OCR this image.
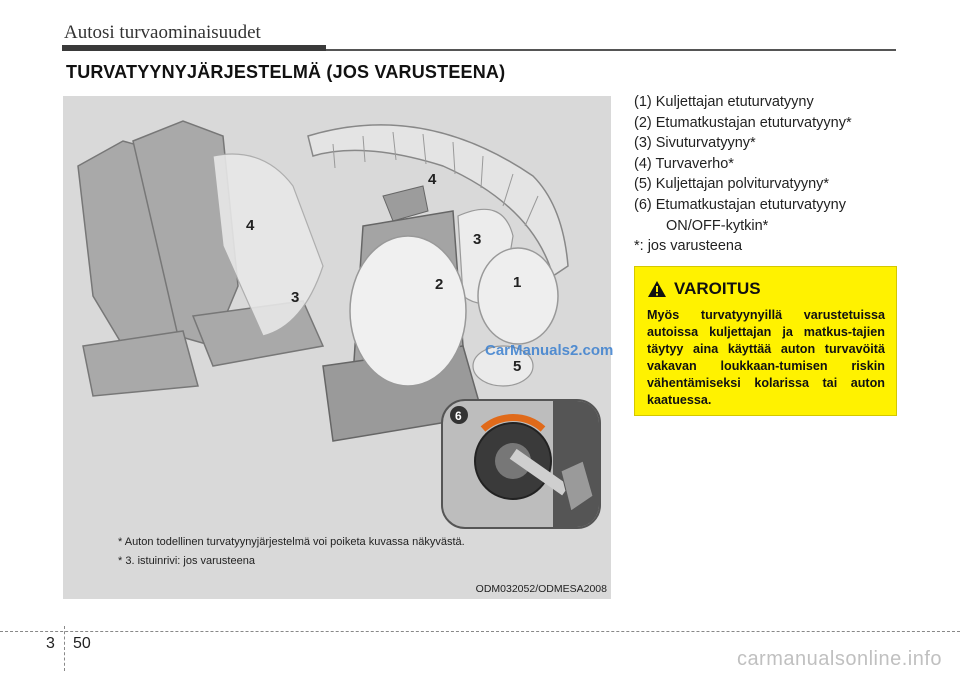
Autosi turvaominaisuudet
TURVATYYNYJÄRJESTELMÄ (JOS VARUSTEENA)
4
4
3
3
2	1
5
6
CarManuals2.com
* Auton todellinen turvatyynyjärjestelmä voi poiketa kuvassa näkyvästä.
* 3. istuinrivi: jos varusteena
ODM032052/ODMESA2008
(1) Kuljettajan etuturvatyyny
(2) Etumatkustajan etuturvatyyny*
(3) Sivuturvatyyny*
(4) Turvaverho*
(5) Kuljettajan polviturvatyyny*
(6) Etumatkustajan etuturvatyyny
ON/OFF-kytkin*
*: jos varusteena
VAROITUS
Myös turvatyynyillä varustetuissa autoissa kuljettajan ja matkus-tajien täytyy aina käyttää auton turvavöitä vakavan loukkaan-tumisen riskin vähentämiseksi kolarissa tai auton kaatuessa.
3 50
carmanualsonline.info
